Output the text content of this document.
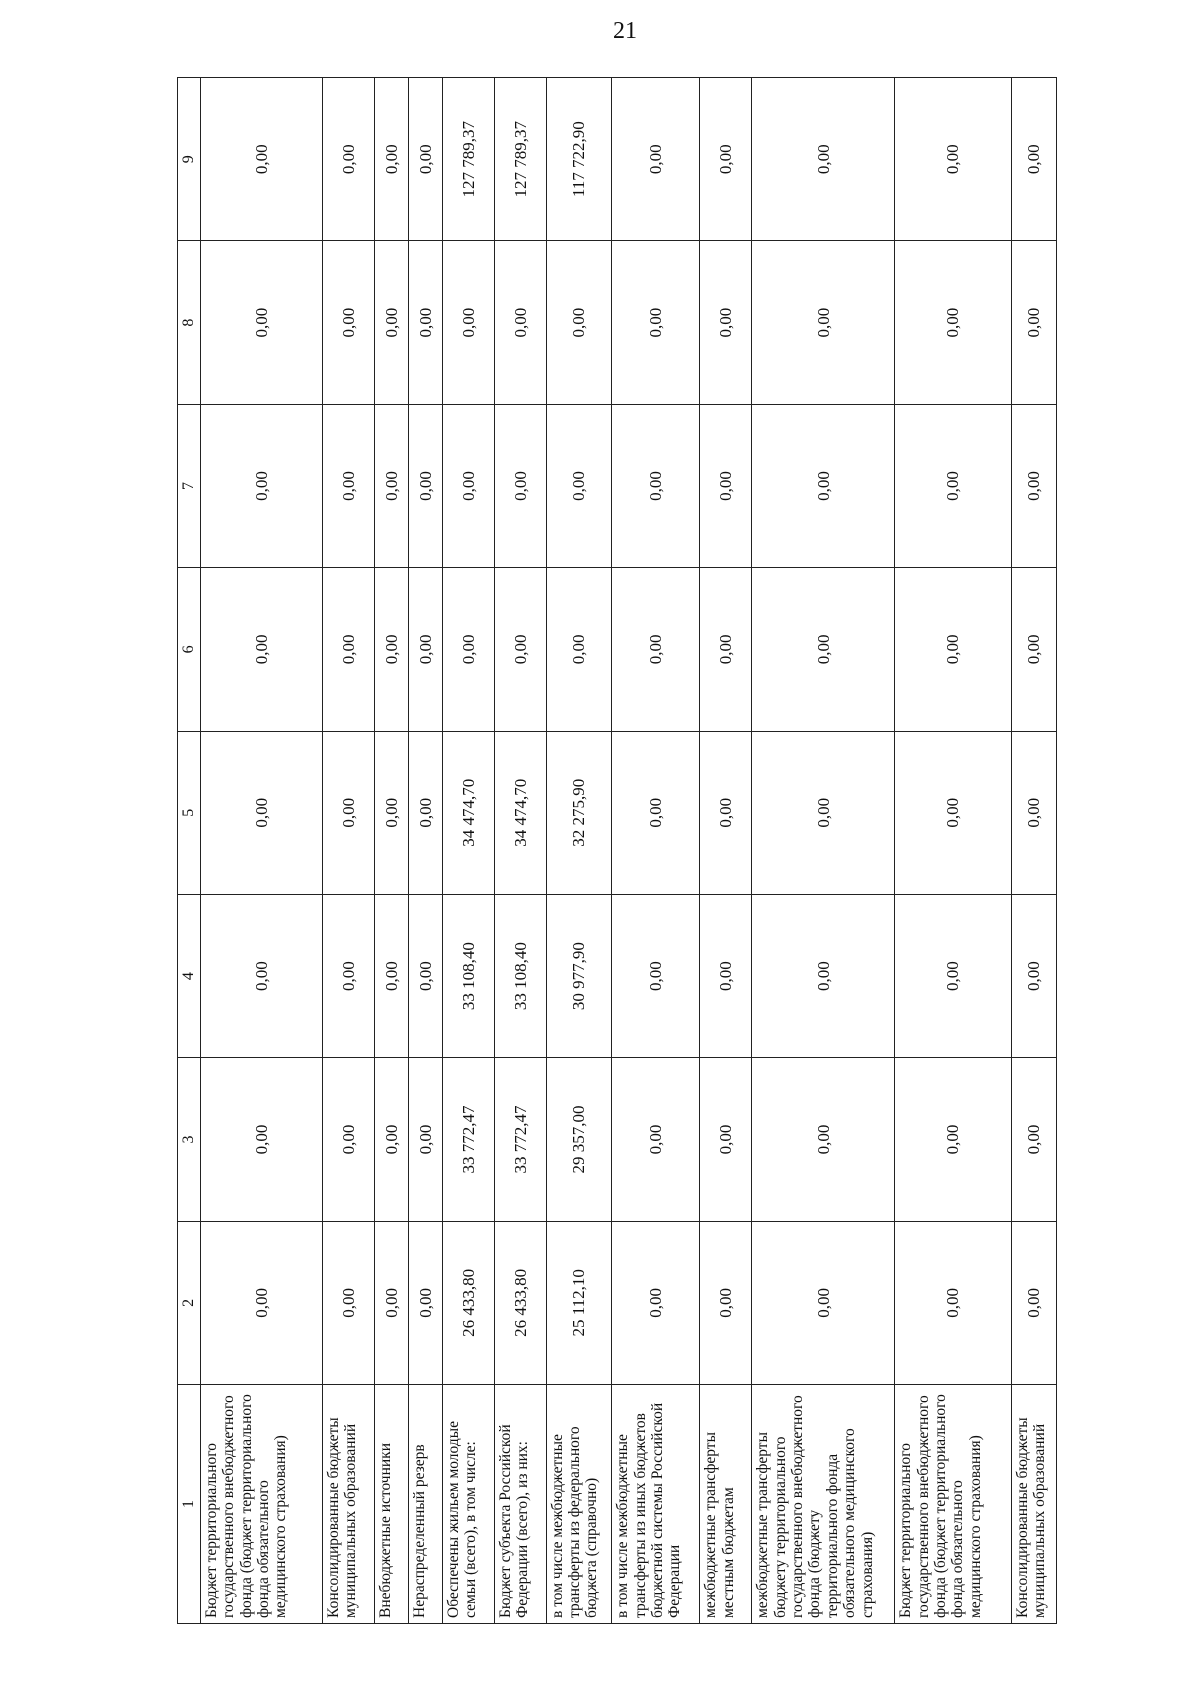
21
1	2	3	4	5	6	7	8	9
Бюджет территориального государственного внебюджетного фонда (бюджет территориального фонда обязательного медицинского страхования)	0,00	0,00	0,00	0,00	0,00	0,00	0,00	0,00
Консолидированные бюджеты муниципальных образований	0,00	0,00	0,00	0,00	0,00	0,00	0,00	0,00
Внебюджетные источники	0,00	0,00	0,00	0,00	0,00	0,00	0,00	0,00
Нераспределенный резерв	0,00	0,00	0,00	0,00	0,00	0,00	0,00	0,00
Обеспечены жильем молодые семьи (всего), в том числе:	26 433,80	33 772,47	33 108,40	34 474,70	0,00	0,00	0,00	127 789,37
Бюджет субъекта Российской Федерации (всего), из них:	26 433,80	33 772,47	33 108,40	34 474,70	0,00	0,00	0,00	127 789,37
в том числе межбюджетные трансферты из федерального бюджета (справочно)	25 112,10	29 357,00	30 977,90	32 275,90	0,00	0,00	0,00	117 722,90
в том числе межбюджетные трансферты из иных бюджетов бюджетной системы Российской Федерации	0,00	0,00	0,00	0,00	0,00	0,00	0,00	0,00
межбюджетные трансферты местным бюджетам	0,00	0,00	0,00	0,00	0,00	0,00	0,00	0,00
межбюджетные трансферты бюджету территориального государственного внебюджетного фонда (бюджету территориального фонда обязательного медицинского страхования)	0,00	0,00	0,00	0,00	0,00	0,00	0,00	0,00
Бюджет территориального государственного внебюджетного фонда (бюджет территориального фонда обязательного медицинского страхования)	0,00	0,00	0,00	0,00	0,00	0,00	0,00	0,00
Консолидированные бюджеты муниципальных образований	0,00	0,00	0,00	0,00	0,00	0,00	0,00	0,00
